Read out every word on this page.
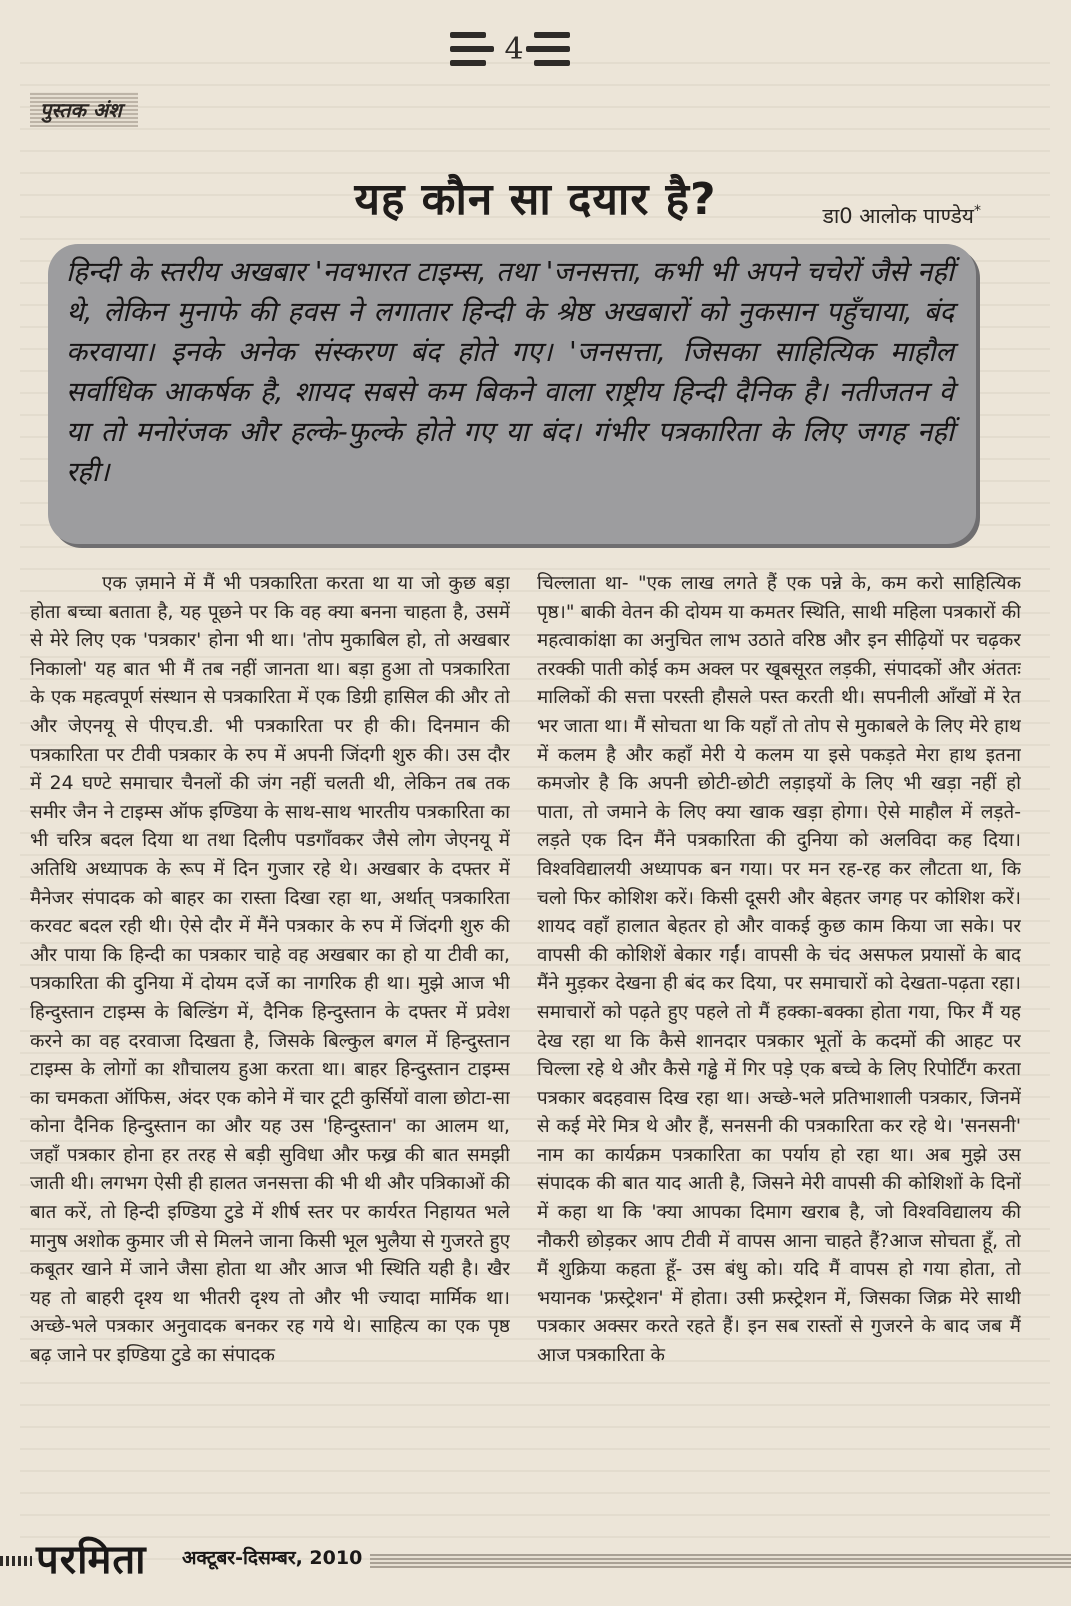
4
पुस्तक अंश
यह कौन सा दयार है?	डा0 आलोक पाण्डेय*

हिन्दी के स्तरीय अखबार 'नवभारत टाइम्स, तथा 'जनसत्ता, कभी भी अपने चचेरों जैसे नहीं थे, लेकिन मुनाफे की हवस ने लगातार हिन्दी के श्रेष्ठ अखबारों को नुकसान पहुँचाया, बंद करवाया। इनके अनेक संस्करण बंद होते गए। 'जनसत्ता, जिसका साहित्यिक माहौल सर्वाधिक आकर्षक है, शायद सबसे कम बिकने वाला राष्ट्रीय हिन्दी दैनिक है। नतीजतन वे या तो मनोरंजक और हल्के-फुल्के होते गए या बंद। गंभीर पत्रकारिता के लिए जगह नहीं रही।

एक ज़माने में मैं भी पत्रकारिता करता था या जो कुछ बड़ा होता बच्चा बताता है, यह पूछने पर कि वह क्या बनना चाहता है, उसमें से मेरे लिए एक 'पत्रकार' होना भी था। 'तोप मुकाबिल हो, तो अखबार निकालो' यह बात भी मैं तब नहीं जानता था। बड़ा हुआ तो पत्रकारिता के एक महत्वपूर्ण संस्थान से पत्रकारिता में एक डिग्री हासिल की और तो और जेएनयू से पीएच.डी. भी पत्रकारिता पर ही की। दिनमान की पत्रकारिता पर टीवी पत्रकार के रुप में अपनी जिंदगी शुरु की। उस दौर में 24 घण्टे समाचार चैनलों की जंग नहीं चलती थी, लेकिन तब तक समीर जैन ने टाइम्स ऑफ इण्डिया के साथ-साथ भारतीय पत्रकारिता का भी चरित्र बदल दिया था तथा दिलीप पडगाँवकर जैसे लोग जेएनयू में अतिथि अध्यापक के रूप में दिन गुजार रहे थे। अखबार के दफ्तर में मैनेजर संपादक को बाहर का रास्ता दिखा रहा था, अर्थात् पत्रकारिता करवट बदल रही थी। ऐसे दौर में मैंने पत्रकार के रुप में जिंदगी शुरु की और पाया कि हिन्दी का पत्रकार चाहे वह अखबार का हो या टीवी का, पत्रकारिता की दुनिया में दोयम दर्जे का नागरिक ही था। मुझे आज भी हिन्दुस्तान टाइम्स के बिल्डिंग में, दैनिक हिन्दुस्तान के दफ्तर में प्रवेश करने का वह दरवाजा दिखता है, जिसके बिल्कुल बगल में हिन्दुस्तान टाइम्स के लोगों का शौचालय हुआ करता था। बाहर हिन्दुस्तान टाइम्स का चमकता ऑफिस, अंदर एक कोने में चार टूटी कुर्सियों वाला छोटा-सा कोना दैनिक हिन्दुस्तान का और यह उस 'हिन्दुस्तान' का आलम था, जहाँ पत्रकार होना हर तरह से बड़ी सुविधा और फख्र की बात समझी जाती थी। लगभग ऐसी ही हालत जनसत्ता की भी थी और पत्रिकाओं की बात करें, तो हिन्दी इण्डिया टुडे में शीर्ष स्तर पर कार्यरत निहायत भले मानुष अशोक कुमार जी से मिलने जाना किसी भूल भुलैया से गुजरते हुए कबूतर खाने में जाने जैसा होता था और आज भी स्थिति यही है। खैर यह तो बाहरी दृश्य था भीतरी दृश्य तो और भी ज्यादा मार्मिक था। अच्छे-भले पत्रकार अनुवादक बनकर रह गये थे। साहित्य का एक पृष्ठ बढ़ जाने पर इण्डिया टुडे का संपादक

चिल्लाता था- "एक लाख लगते हैं एक पन्ने के, कम करो साहित्यिक पृष्ठ।" बाकी वेतन की दोयम या कमतर स्थिति, साथी महिला पत्रकारों की महत्वाकांक्षा का अनुचित लाभ उठाते वरिष्ठ और इन सीढ़ियों पर चढ़कर तरक्की पाती कोई कम अक्ल पर खूबसूरत लड़की, संपादकों और अंततः मालिकों की सत्ता परस्ती हौसले पस्त करती थी। सपनीली आँखों में रेत भर जाता था। मैं सोचता था कि यहाँ तो तोप से मुकाबले के लिए मेरे हाथ में कलम है और कहाँ मेरी ये कलम या इसे पकड़ते मेरा हाथ इतना कमजोर है कि अपनी छोटी-छोटी लड़ाइयों के लिए भी खड़ा नहीं हो पाता, तो जमाने के लिए क्या खाक खड़ा होगा। ऐसे माहौल में लड़ते-लड़ते एक दिन मैंने पत्रकारिता की दुनिया को अलविदा कह दिया। विश्वविद्यालयी अध्यापक बन गया। पर मन रह-रह कर लौटता था, कि चलो फिर कोशिश करें। किसी दूसरी और बेहतर जगह पर कोशिश करें। शायद वहाँ हालात बेहतर हो और वाकई कुछ काम किया जा सके। पर वापसी की कोशिशें बेकार गईं। वापसी के चंद असफल प्रयासों के बाद मैंने मुड़कर देखना ही बंद कर दिया, पर समाचारों को देखता-पढ़ता रहा। समाचारों को पढ़ते हुए पहले तो मैं हक्का-बक्का होता गया, फिर मैं यह देख रहा था कि कैसे शानदार पत्रकार भूतों के कदमों की आहट पर चिल्ला रहे थे और कैसे गड्ढे में गिर पड़े एक बच्चे के लिए रिपोर्टिंग करता पत्रकार बदहवास दिख रहा था। अच्छे-भले प्रतिभाशाली पत्रकार, जिनमें से कई मेरे मित्र थे और हैं, सनसनी की पत्रकारिता कर रहे थे। 'सनसनी' नाम का कार्यक्रम पत्रकारिता का पर्याय हो रहा था। अब मुझे उस संपादक की बात याद आती है, जिसने मेरी वापसी की कोशिशों के दिनों में कहा था कि 'क्या आपका दिमाग खराब है, जो विश्वविद्यालय की नौकरी छोड़कर आप टीवी में वापस आना चाहते हैं?आज सोचता हूँ, तो मैं शुक्रिया कहता हूँ- उस बंधु को। यदि मैं वापस हो गया होता, तो भयानक 'फ्रस्ट्रेशन' में होता। उसी फ्रस्ट्रेशन में, जिसका जिक्र मेरे साथी पत्रकार अक्सर करते रहते हैं। इन सब रास्तों से गुजरने के बाद जब मैं आज पत्रकारिता के

परमिता अक्टूबर-दिसम्बर, 2010
